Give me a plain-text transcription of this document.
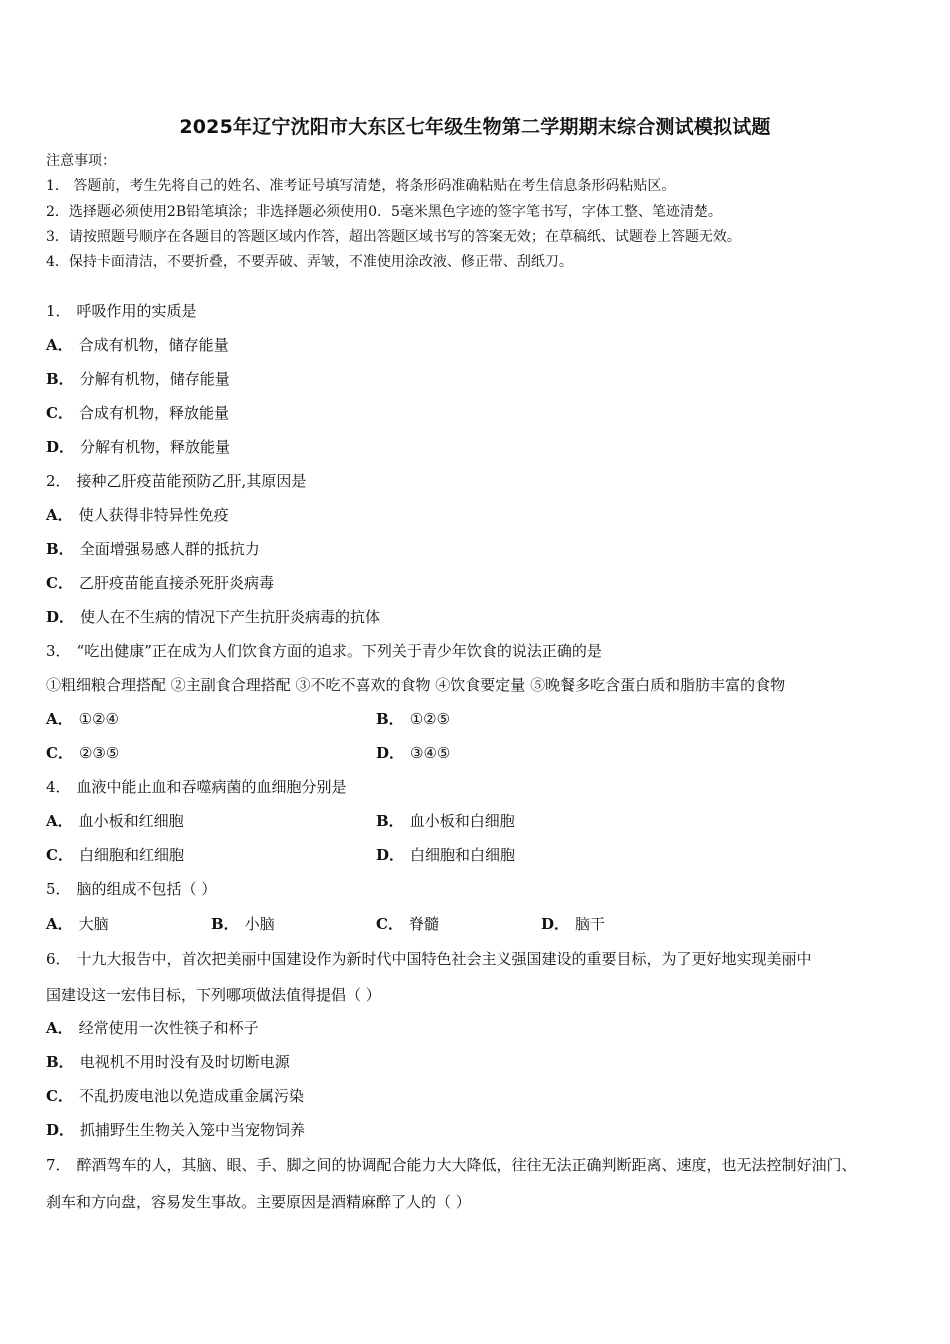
2025年辽宁沈阳市大东区七年级生物第二学期期末综合测试模拟试题
注意事项：
1． 答题前，考生先将自己的姓名、准考证号填写清楚，将条形码准确粘贴在考生信息条形码粘贴区。
2．选择题必须使用2B铅笔填涂；非选择题必须使用0．5毫米黑色字迹的签字笔书写，字体工整、笔迹清楚。
3．请按照题号顺序在各题目的答题区域内作答，超出答题区域书写的答案无效；在草稿纸、试题卷上答题无效。
4．保持卡面清洁，不要折叠，不要弄破、弄皱，不准使用涂改液、修正带、刮纸刀。
1． 呼吸作用的实质是
A． 合成有机物，储存能量
B． 分解有机物，储存能量
C． 合成有机物，释放能量
D． 分解有机物，释放能量
2． 接种乙肝疫苗能预防乙肝,其原因是
A． 使人获得非特异性免疫
B． 全面增强易感人群的抵抗力
C． 乙肝疫苗能直接杀死肝炎病毒
D． 使人在不生病的情况下产生抗肝炎病毒的抗体
3． “吃出健康”正在成为人们饮食方面的追求。下列关于青少年饮食的说法正确的是
①粗细粮合理搭配 ②主副食合理搭配 ③不吃不喜欢的食物 ④饮食要定量 ⑤晚餐多吃含蛋白质和脂肪丰富的食物
A． ①②④	B． ①②⑤
C． ②③⑤	D． ③④⑤
4． 血液中能止血和吞噬病菌的血细胞分别是
A． 血小板和红细胞	B． 血小板和白细胞
C． 白细胞和红细胞	D． 白细胞和白细胞
5． 脑的组成不包括（ ）
A． 大脑	B． 小脑	C． 脊髓	D． 脑干
6． 十九大报告中，首次把美丽中国建设作为新时代中国特色社会主义强国建设的重要目标，为了更好地实现美丽中
国建设这一宏伟目标，下列哪项做法值得提倡（ ）
A． 经常使用一次性筷子和杯子
B． 电视机不用时没有及时切断电源
C． 不乱扔废电池以免造成重金属污染
D． 抓捕野生生物关入笼中当宠物饲养
7． 醉酒驾车的人，其脑、眼、手、脚之间的协调配合能力大大降低，往往无法正确判断距离、速度，也无法控制好油门、
刹车和方向盘，容易发生事故。主要原因是酒精麻醉了人的（ ）
